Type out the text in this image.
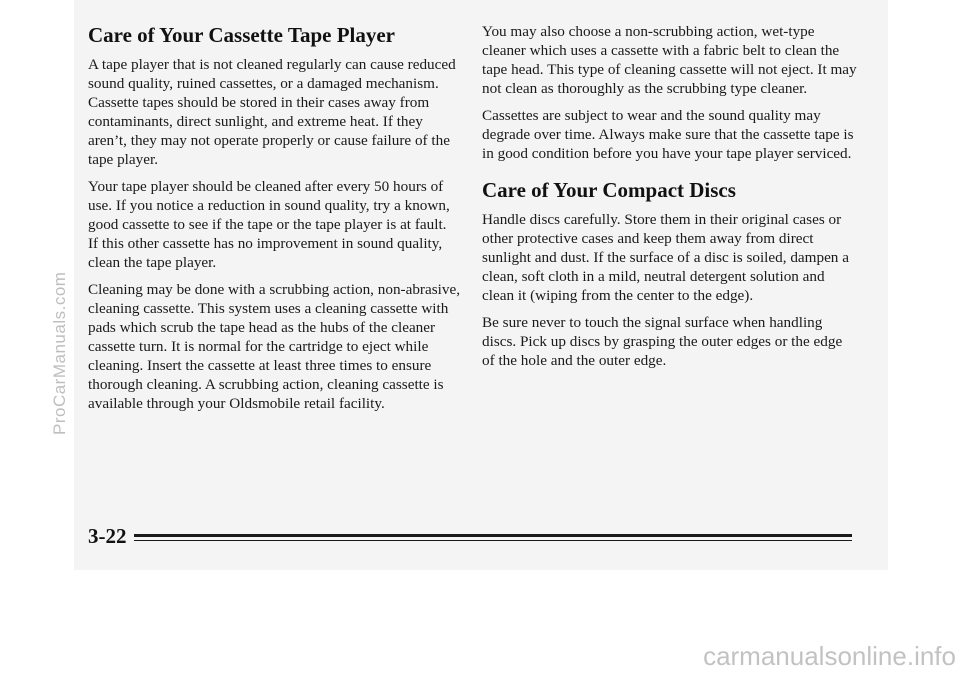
Care of Your Cassette Tape Player

A tape player that is not cleaned regularly can cause reduced sound quality, ruined cassettes, or a damaged mechanism. Cassette tapes should be stored in their cases away from contaminants, direct sunlight, and extreme heat. If they aren’t, they may not operate properly or cause failure of the tape player.

Your tape player should be cleaned after every 50 hours of use. If you notice a reduction in sound quality, try a known, good cassette to see if the tape or the tape player is at fault. If this other cassette has no improvement in sound quality, clean the tape player.

Cleaning may be done with a scrubbing action, non-abrasive, cleaning cassette. This system uses a cleaning cassette with pads which scrub the tape head as the hubs of the cleaner cassette turn. It is normal for the cartridge to eject while cleaning. Insert the cassette at least three times to ensure thorough cleaning. A scrubbing action, cleaning cassette is available through your Oldsmobile retail facility.

You may also choose a non-scrubbing action, wet-type cleaner which uses a cassette with a fabric belt to clean the tape head. This type of cleaning cassette will not eject. It may not clean as thoroughly as the scrubbing type cleaner.

Cassettes are subject to wear and the sound quality may degrade over time. Always make sure that the cassette tape is in good condition before you have your tape player serviced.

Care of Your Compact Discs

Handle discs carefully. Store them in their original cases or other protective cases and keep them away from direct sunlight and dust. If the surface of a disc is soiled, dampen a clean, soft cloth in a mild, neutral detergent solution and clean it (wiping from the center to the edge).

Be sure never to touch the signal surface when handling discs. Pick up discs by grasping the outer edges or the edge of the hole and the outer edge.

3-22
ProCarManuals.com
carmanualsonline.info
